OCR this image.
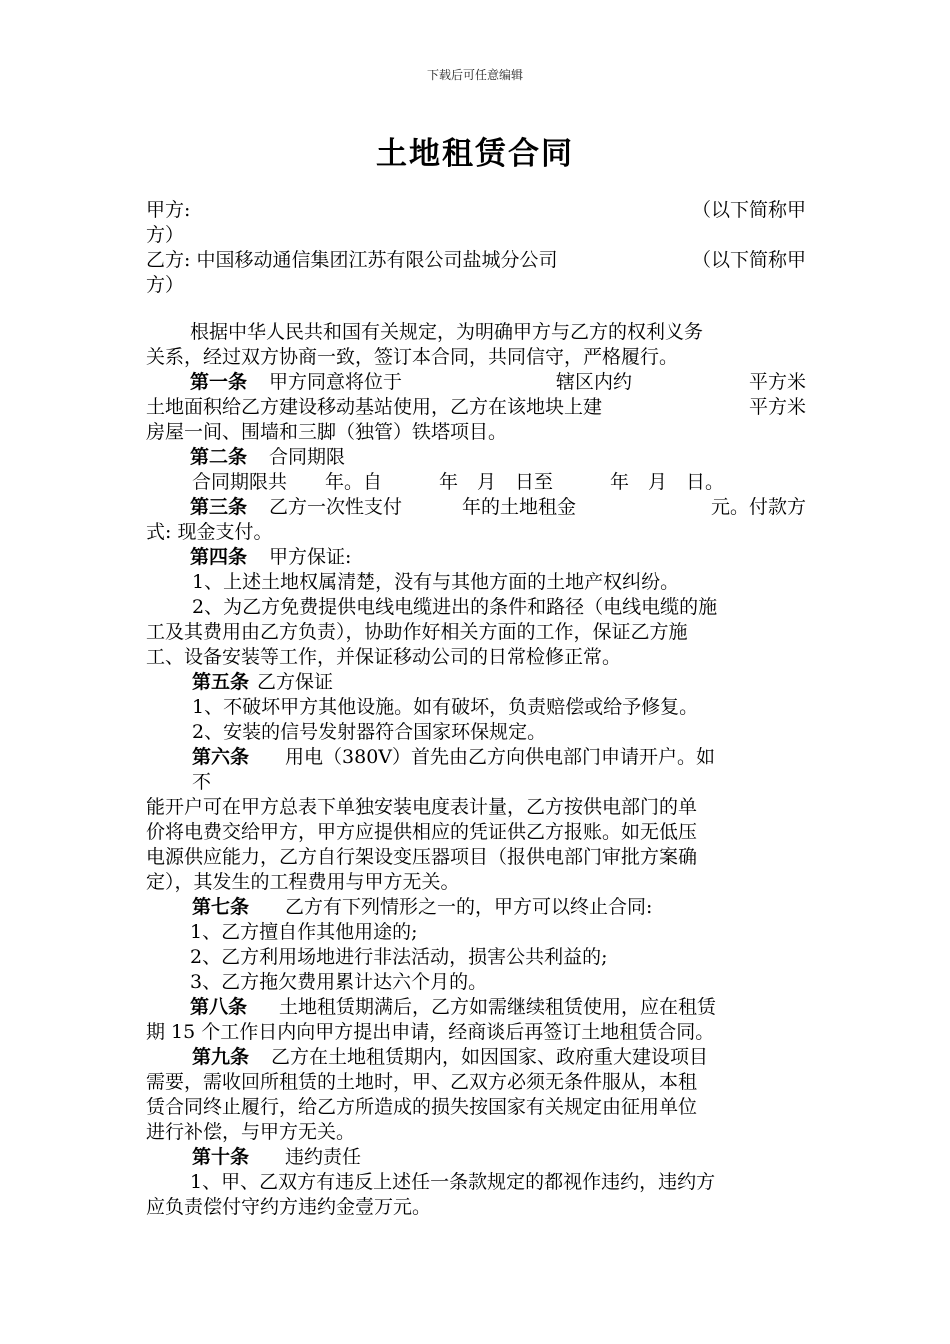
下载后可任意编辑
土地租赁合同
甲方:	（以下简称甲
方）
乙方: 中国移动通信集团江苏有限公司盐城分公司	（以下简称甲
方）
根据中华人民共和国有关规定，为明确甲方与乙方的权利义务
关系，经过双方协商一致，签订本合同，共同信守，严格履行。
第一条 甲方同意将位于	辖区内约	平方米
土地面积给乙方建设移动基站使用，乙方在该地块上建	平方米
房屋一间、围墙和三脚（独管）铁塔项目。
第二条 合同期限
合同期限共　　年。自　　　年　月　日至　　　年　月　日。
第三条 乙方一次性支付	年的土地租金	元。付款方
式: 现金支付。
第四条 甲方保证:
1、上述土地权属清楚，没有与其他方面的土地产权纠纷。
2、为乙方免费提供电线电缆进出的条件和路径（电线电缆的施
工及其费用由乙方负责），协助作好相关方面的工作，保证乙方施
工、设备安装等工作，并保证移动公司的日常检修正常。
第五条 乙方保证
1、不破坏甲方其他设施。如有破坏，负责赔偿或给予修复。
2、安装的信号发射器符合国家环保规定。
第六条 用电（380V）首先由乙方向供电部门申请开户。如
不
能开户可在甲方总表下单独安装电度表计量，乙方按供电部门的单
价将电费交给甲方，甲方应提供相应的凭证供乙方报账。如无低压
电源供应能力，乙方自行架设变压器项目（报供电部门审批方案确
定），其发生的工程费用与甲方无关。
第七条 乙方有下列情形之一的，甲方可以终止合同:
1、乙方擅自作其他用途的;
2、乙方利用场地进行非法活动，损害公共利益的;
3、乙方拖欠费用累计达六个月的。
第八条 土地租赁期满后，乙方如需继续租赁使用，应在租赁
期 15 个工作日内向甲方提出申请，经商谈后再签订土地租赁合同。
第九条 乙方在土地租赁期内，如因国家、政府重大建设项目
需要，需收回所租赁的土地时，甲、乙双方必须无条件服从，本租
赁合同终止履行，给乙方所造成的损失按国家有关规定由征用单位
进行补偿，与甲方无关。
第十条 违约责任
1、甲、乙双方有违反上述任一条款规定的都视作违约，违约方
应负责偿付守约方违约金壹万元。
